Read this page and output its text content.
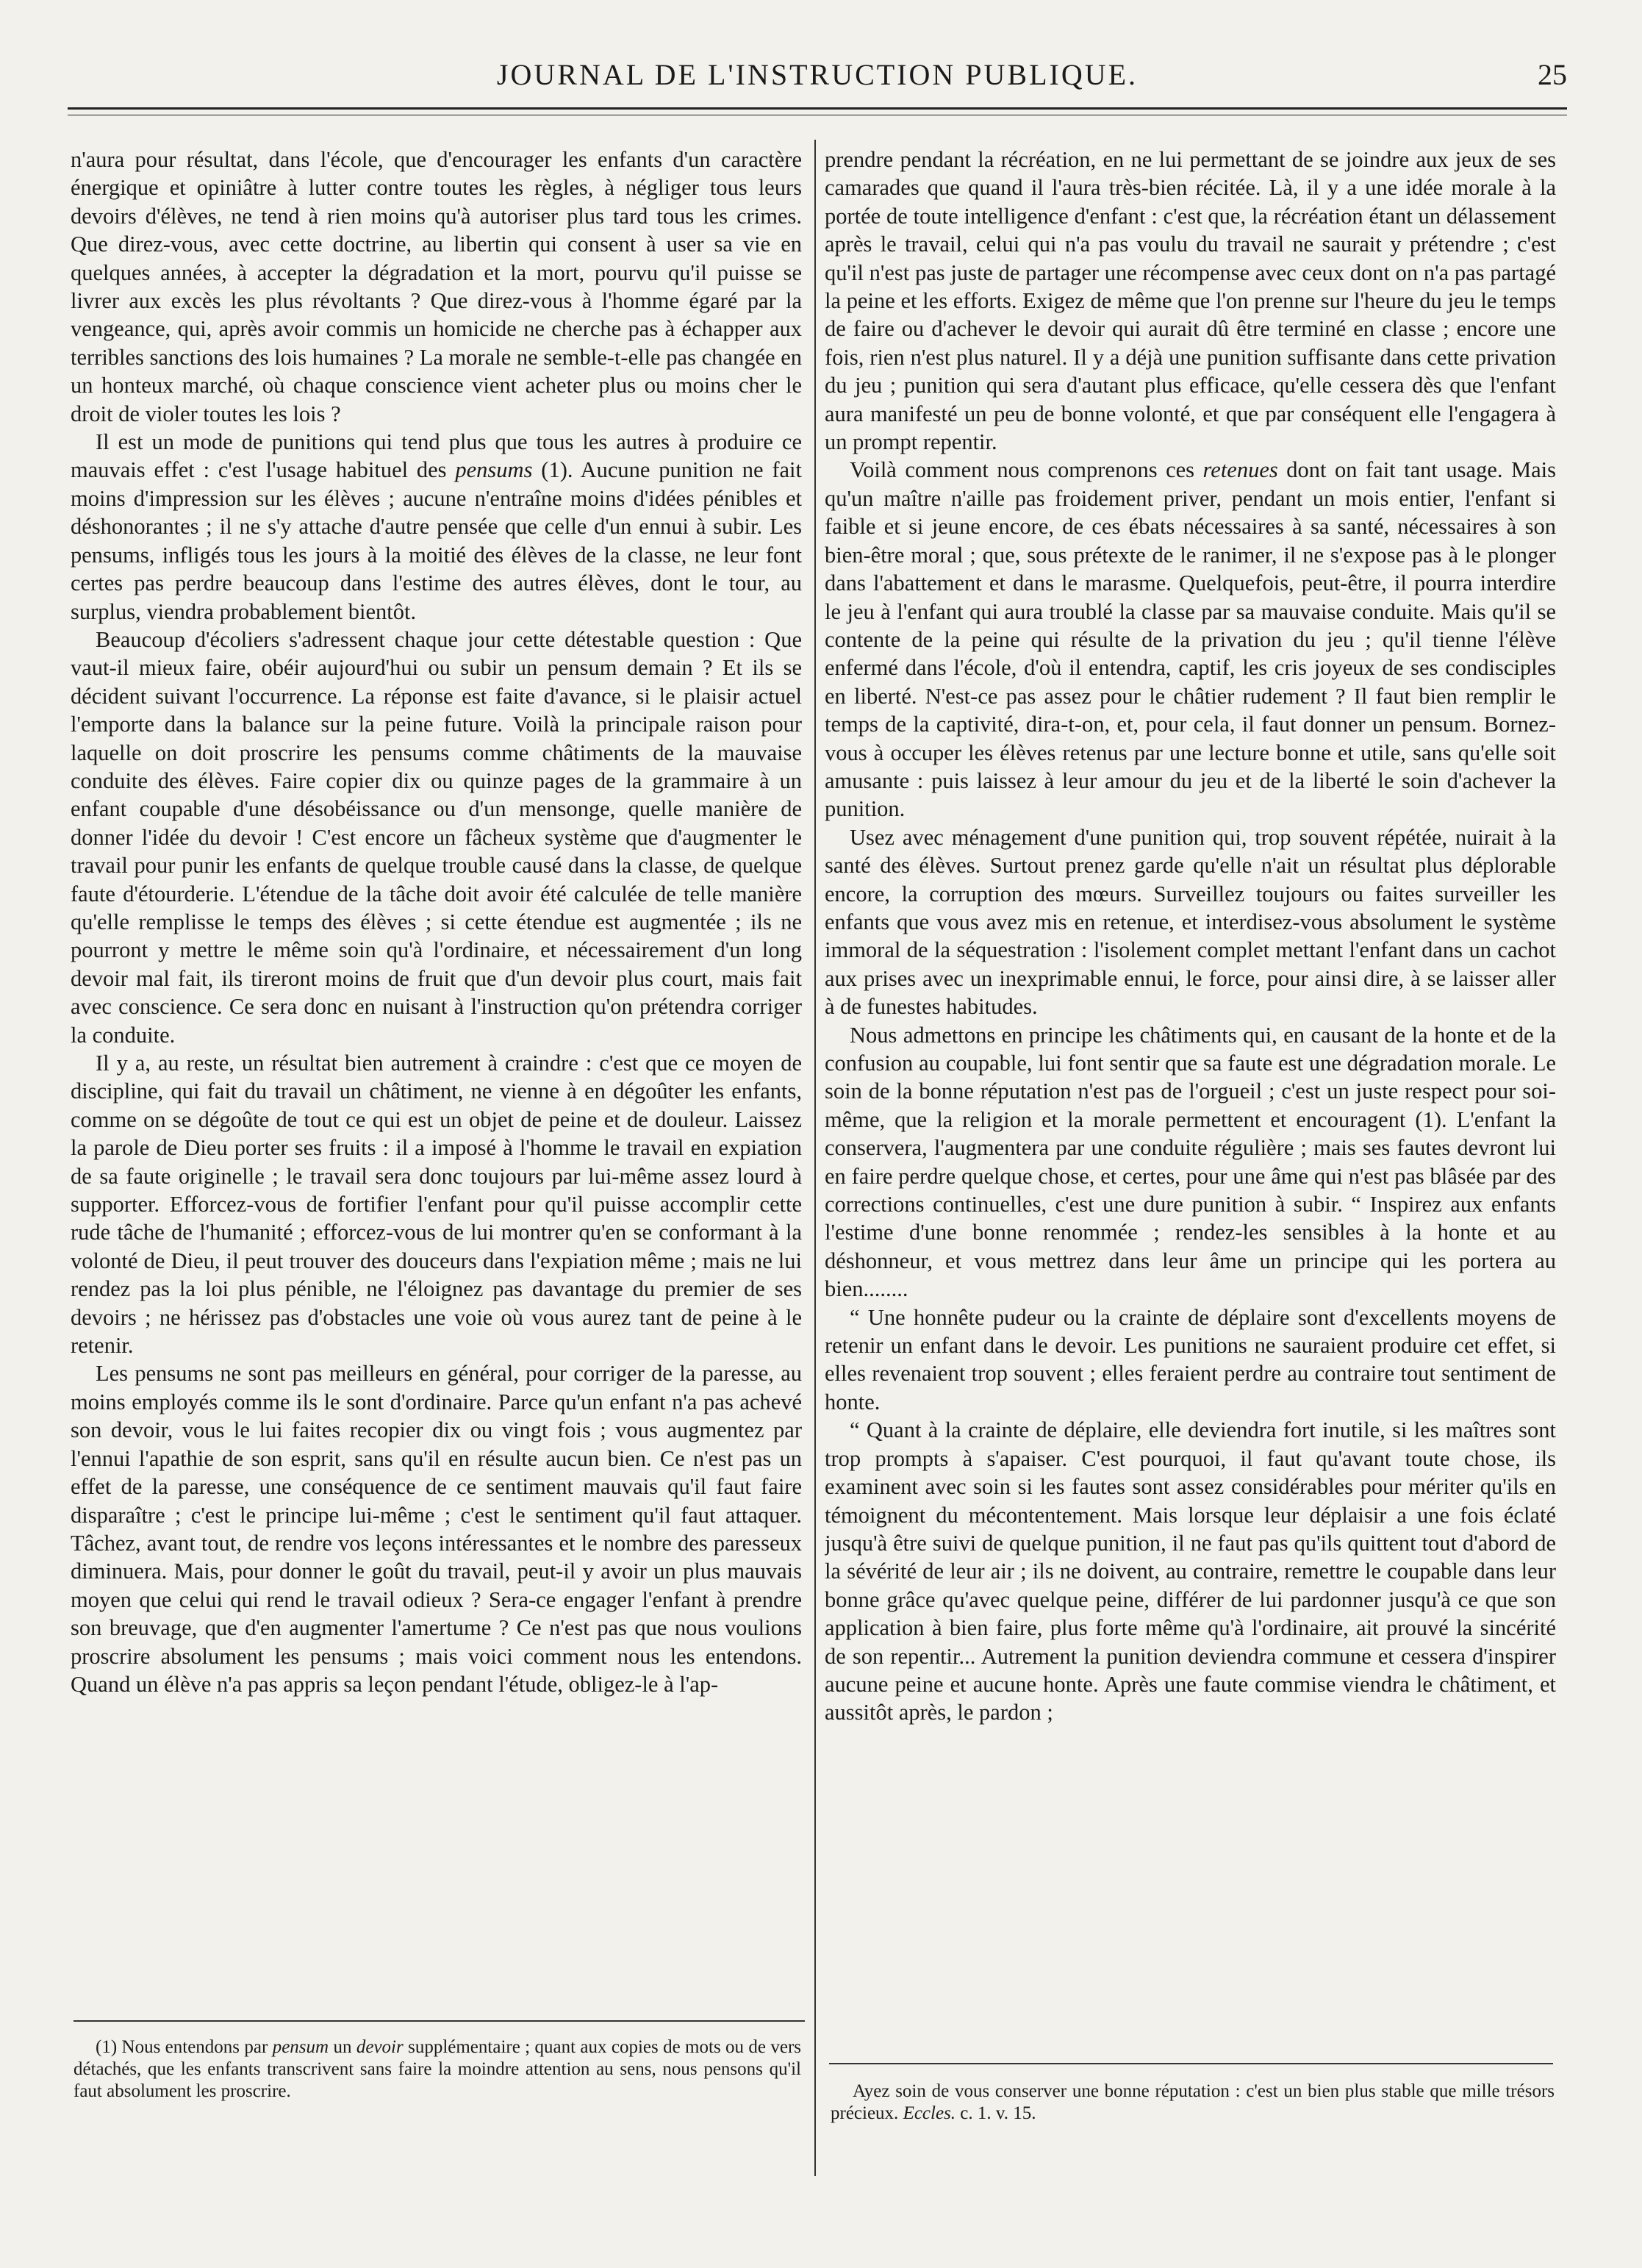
JOURNAL DE L'INSTRUCTION PUBLIQUE.	25

n'aura pour résultat, dans l'école, que d'encourager les enfants d'un caractère énergique et opiniâtre à lutter contre toutes les règles, à négliger tous leurs devoirs d'élèves, ne tend à rien moins qu'à autoriser plus tard tous les crimes. Que direz-vous, avec cette doctrine, au libertin qui consent à user sa vie en quelques années, à accepter la dégradation et la mort, pourvu qu'il puisse se livrer aux excès les plus révoltants ? Que direz-vous à l'homme égaré par la vengeance, qui, après avoir commis un homicide ne cherche pas à échapper aux terribles sanctions des lois humaines ? La morale ne semble-t-elle pas changée en un honteux marché, où chaque conscience vient acheter plus ou moins cher le droit de violer toutes les lois ?

Il est un mode de punitions qui tend plus que tous les autres à produire ce mauvais effet : c'est l'usage habituel des pensums (1). Aucune punition ne fait moins d'impression sur les élèves ; aucune n'entraîne moins d'idées pénibles et déshonorantes ; il ne s'y attache d'autre pensée que celle d'un ennui à subir. Les pensums, infligés tous les jours à la moitié des élèves de la classe, ne leur font certes pas perdre beaucoup dans l'estime des autres élèves, dont le tour, au surplus, viendra probablement bientôt.

Beaucoup d'écoliers s'adressent chaque jour cette détestable question : Que vaut-il mieux faire, obéir aujourd'hui ou subir un pensum demain ? Et ils se décident suivant l'occurrence. La réponse est faite d'avance, si le plaisir actuel l'emporte dans la balance sur la peine future. Voilà la principale raison pour laquelle on doit proscrire les pensums comme châtiments de la mauvaise conduite des élèves. Faire copier dix ou quinze pages de la grammaire à un enfant coupable d'une désobéissance ou d'un mensonge, quelle manière de donner l'idée du devoir ! C'est encore un fâcheux système que d'augmenter le travail pour punir les enfants de quelque trouble causé dans la classe, de quelque faute d'étourderie. L'étendue de la tâche doit avoir été calculée de telle manière qu'elle remplisse le temps des élèves ; si cette étendue est augmentée ; ils ne pourront y mettre le même soin qu'à l'ordinaire, et nécessairement d'un long devoir mal fait, ils tireront moins de fruit que d'un devoir plus court, mais fait avec conscience. Ce sera donc en nuisant à l'instruction qu'on prétendra corriger la conduite.

Il y a, au reste, un résultat bien autrement à craindre : c'est que ce moyen de discipline, qui fait du travail un châtiment, ne vienne à en dégoûter les enfants, comme on se dégoûte de tout ce qui est un objet de peine et de douleur. Laissez la parole de Dieu porter ses fruits : il a imposé à l'homme le travail en expiation de sa faute originelle ; le travail sera donc toujours par lui-même assez lourd à supporter. Efforcez-vous de fortifier l'enfant pour qu'il puisse accomplir cette rude tâche de l'humanité ; efforcez-vous de lui montrer qu'en se conformant à la volonté de Dieu, il peut trouver des douceurs dans l'expiation même ; mais ne lui rendez pas la loi plus pénible, ne l'éloignez pas davantage du premier de ses devoirs ; ne hérissez pas d'obstacles une voie où vous aurez tant de peine à le retenir.

Les pensums ne sont pas meilleurs en général, pour corriger de la paresse, au moins employés comme ils le sont d'ordinaire. Parce qu'un enfant n'a pas achevé son devoir, vous le lui faites recopier dix ou vingt fois ; vous augmentez par l'ennui l'apathie de son esprit, sans qu'il en résulte aucun bien. Ce n'est pas un effet de la paresse, une conséquence de ce sentiment mauvais qu'il faut faire disparaître ; c'est le principe lui-même ; c'est le sentiment qu'il faut attaquer. Tâchez, avant tout, de rendre vos leçons intéressantes et le nombre des paresseux diminuera. Mais, pour donner le goût du travail, peut-il y avoir un plus mauvais moyen que celui qui rend le travail odieux ? Sera-ce engager l'enfant à prendre son breuvage, que d'en augmenter l'amertume ? Ce n'est pas que nous voulions proscrire absolument les pensums ; mais voici comment nous les entendons. Quand un élève n'a pas appris sa leçon pendant l'étude, obligez-le à l'ap-

prendre pendant la récréation, en ne lui permettant de se joindre aux jeux de ses camarades que quand il l'aura très-bien récitée. Là, il y a une idée morale à la portée de toute intelligence d'enfant : c'est que, la récréation étant un délassement après le travail, celui qui n'a pas voulu du travail ne saurait y prétendre ; c'est qu'il n'est pas juste de partager une récompense avec ceux dont on n'a pas partagé la peine et les efforts. Exigez de même que l'on prenne sur l'heure du jeu le temps de faire ou d'achever le devoir qui aurait dû être terminé en classe ; encore une fois, rien n'est plus naturel. Il y a déjà une punition suffisante dans cette privation du jeu ; punition qui sera d'autant plus efficace, qu'elle cessera dès que l'enfant aura manifesté un peu de bonne volonté, et que par conséquent elle l'engagera à un prompt repentir.

Voilà comment nous comprenons ces retenues dont on fait tant usage. Mais qu'un maître n'aille pas froidement priver, pendant un mois entier, l'enfant si faible et si jeune encore, de ces ébats nécessaires à sa santé, nécessaires à son bien-être moral ; que, sous prétexte de le ranimer, il ne s'expose pas à le plonger dans l'abattement et dans le marasme. Quelquefois, peut-être, il pourra interdire le jeu à l'enfant qui aura troublé la classe par sa mauvaise conduite. Mais qu'il se contente de la peine qui résulte de la privation du jeu ; qu'il tienne l'élève enfermé dans l'école, d'où il entendra, captif, les cris joyeux de ses condisciples en liberté. N'est-ce pas assez pour le châtier rudement ? Il faut bien remplir le temps de la captivité, dira-t-on, et, pour cela, il faut donner un pensum. Bornez-vous à occuper les élèves retenus par une lecture bonne et utile, sans qu'elle soit amusante : puis laissez à leur amour du jeu et de la liberté le soin d'achever la punition.

Usez avec ménagement d'une punition qui, trop souvent répétée, nuirait à la santé des élèves. Surtout prenez garde qu'elle n'ait un résultat plus déplorable encore, la corruption des mœurs. Surveillez toujours ou faites surveiller les enfants que vous avez mis en retenue, et interdisez-vous absolument le système immoral de la séquestration : l'isolement complet mettant l'enfant dans un cachot aux prises avec un inexprimable ennui, le force, pour ainsi dire, à se laisser aller à de funestes habitudes.

Nous admettons en principe les châtiments qui, en causant de la honte et de la confusion au coupable, lui font sentir que sa faute est une dégradation morale. Le soin de la bonne réputation n'est pas de l'orgueil ; c'est un juste respect pour soi-même, que la religion et la morale permettent et encouragent (1). L'enfant la conservera, l'augmentera par une conduite régulière ; mais ses fautes devront lui en faire perdre quelque chose, et certes, pour une âme qui n'est pas blâsée par des corrections continuelles, c'est une dure punition à subir. “ Inspirez aux enfants l'estime d'une bonne renommée ; rendez-les sensibles à la honte et au déshonneur, et vous mettrez dans leur âme un principe qui les portera au bien........

“ Une honnête pudeur ou la crainte de déplaire sont d'excellents moyens de retenir un enfant dans le devoir. Les punitions ne sauraient produire cet effet, si elles revenaient trop souvent ; elles feraient perdre au contraire tout sentiment de honte.

“ Quant à la crainte de déplaire, elle deviendra fort inutile, si les maîtres sont trop prompts à s'apaiser. C'est pourquoi, il faut qu'avant toute chose, ils examinent avec soin si les fautes sont assez considérables pour mériter qu'ils en témoignent du mécontentement. Mais lorsque leur déplaisir a une fois éclaté jusqu'à être suivi de quelque punition, il ne faut pas qu'ils quittent tout d'abord de la sévérité de leur air ; ils ne doivent, au contraire, remettre le coupable dans leur bonne grâce qu'avec quelque peine, différer de lui pardonner jusqu'à ce que son application à bien faire, plus forte même qu'à l'ordinaire, ait prouvé la sincérité de son repentir... Autrement la punition deviendra commune et cessera d'inspirer aucune peine et aucune honte. Après une faute commise viendra le châtiment, et aussitôt après, le pardon ;

(1) Nous entendons par pensum un devoir supplémentaire ; quant aux copies de mots ou de vers détachés, que les enfants transcrivent sans faire la moindre attention au sens, nous pensons qu'il faut absolument les proscrire.	Ayez soin de vous conserver une bonne réputation : c'est un bien plus stable que mille trésors précieux. Eccles. c. 1. v. 15.
